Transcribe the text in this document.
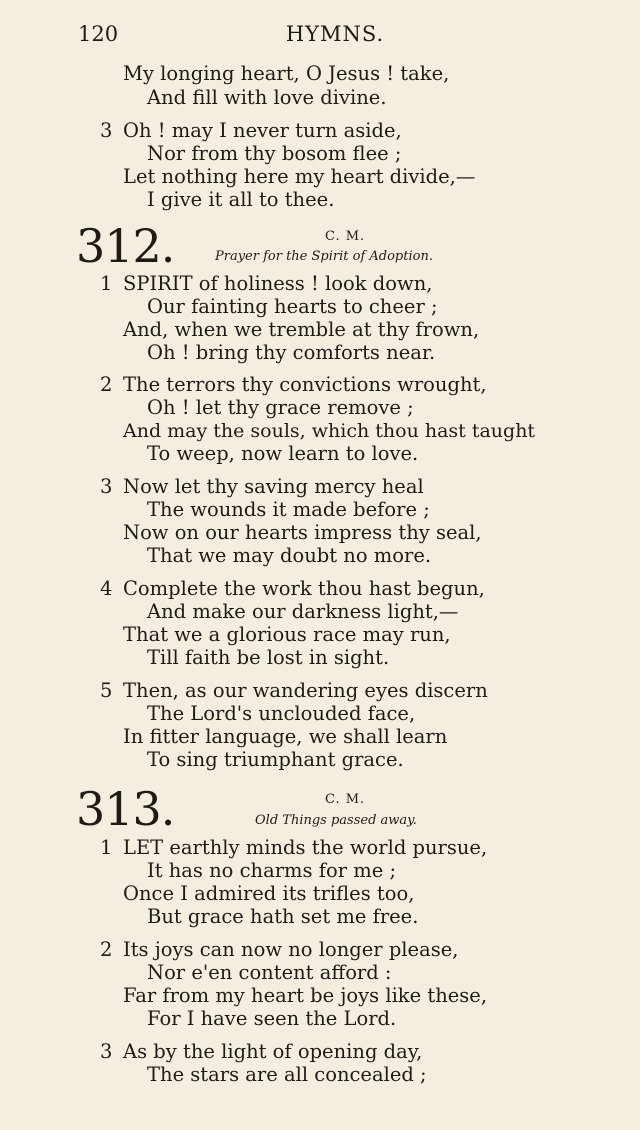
120	HYMNS.
My longing heart, O Jesus ! take,
And fill with love divine.
3 Oh ! may I never turn aside,
Nor from thy bosom flee ;
Let nothing here my heart divide,—
I give it all to thee.
312.	C. M.
Prayer for the Spirit of Adoption.
1 SPIRIT of holiness ! look down,
Our fainting hearts to cheer ;
And, when we tremble at thy frown,
Oh ! bring thy comforts near.
2 The terrors thy convictions wrought,
Oh ! let thy grace remove ;
And may the souls, which thou hast taught
To weep, now learn to love.
3 Now let thy saving mercy heal
The wounds it made before ;
Now on our hearts impress thy seal,
That we may doubt no more.
4 Complete the work thou hast begun,
And make our darkness light,—
That we a glorious race may run,
Till faith be lost in sight.
5 Then, as our wandering eyes discern
The Lord's unclouded face,
In fitter language, we shall learn
To sing triumphant grace.
313.	C. M.
Old Things passed away.
1 LET earthly minds the world pursue,
It has no charms for me ;
Once I admired its trifles too,
But grace hath set me free.
2 Its joys can now no longer please,
Nor e'en content afford :
Far from my heart be joys like these,
For I have seen the Lord.
3 As by the light of opening day,
The stars are all concealed ;
